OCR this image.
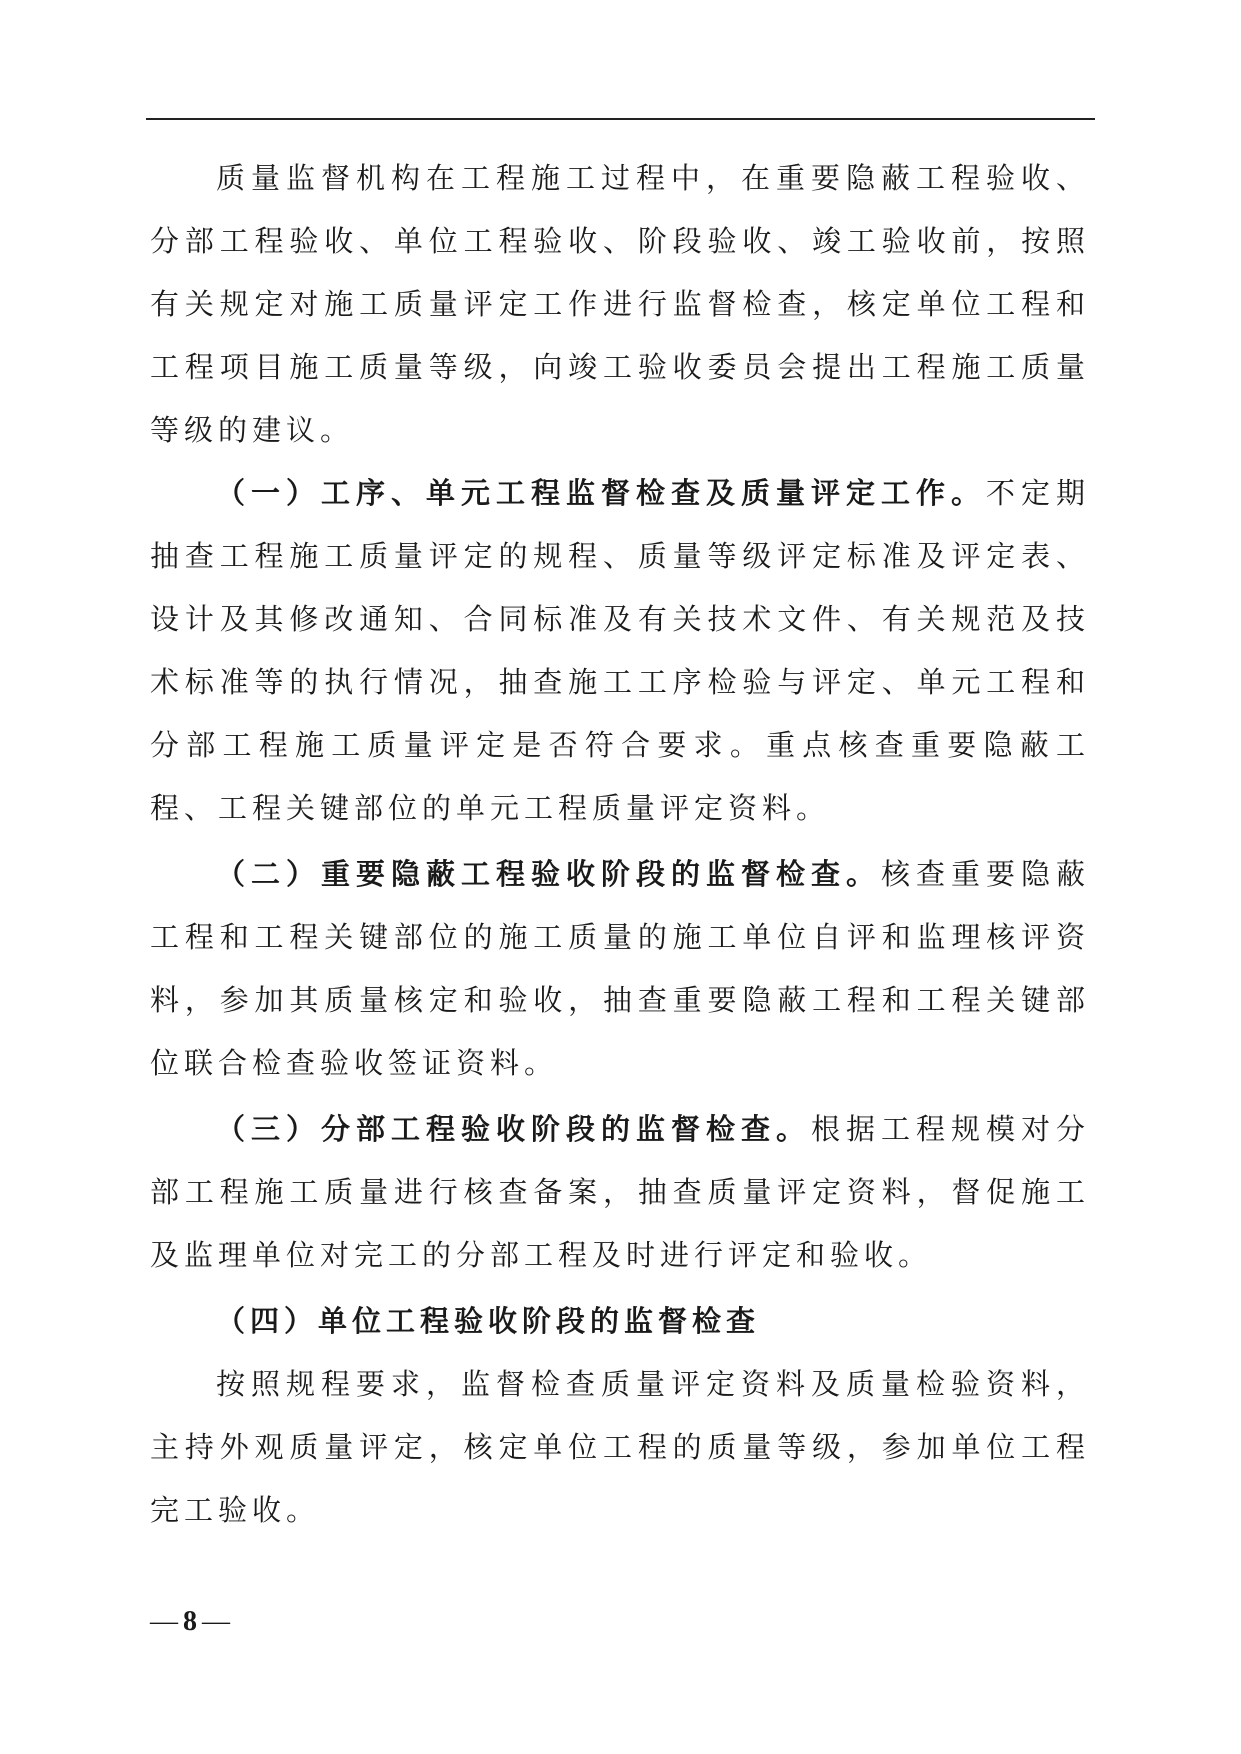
质量监督机构在工程施工过程中，在重要隐蔽工程验收、分部工程验收、单位工程验收、阶段验收、竣工验收前，按照有关规定对施工质量评定工作进行监督检查，核定单位工程和工程项目施工质量等级，向竣工验收委员会提出工程施工质量等级的建议。

（一）工序、单元工程监督检查及质量评定工作。不定期抽查工程施工质量评定的规程、质量等级评定标准及评定表、设计及其修改通知、合同标准及有关技术文件、有关规范及技术标准等的执行情况，抽查施工工序检验与评定、单元工程和分部工程施工质量评定是否符合要求。重点核查重要隐蔽工程、工程关键部位的单元工程质量评定资料。

（二）重要隐蔽工程验收阶段的监督检查。核查重要隐蔽工程和工程关键部位的施工质量的施工单位自评和监理核评资料，参加其质量核定和验收，抽查重要隐蔽工程和工程关键部位联合检查验收签证资料。

（三）分部工程验收阶段的监督检查。根据工程规模对分部工程施工质量进行核查备案，抽查质量评定资料，督促施工及监理单位对完工的分部工程及时进行评定和验收。

（四）单位工程验收阶段的监督检查

按照规程要求，监督检查质量评定资料及质量检验资料，主持外观质量评定，核定单位工程的质量等级，参加单位工程完工验收。

— 8 —
